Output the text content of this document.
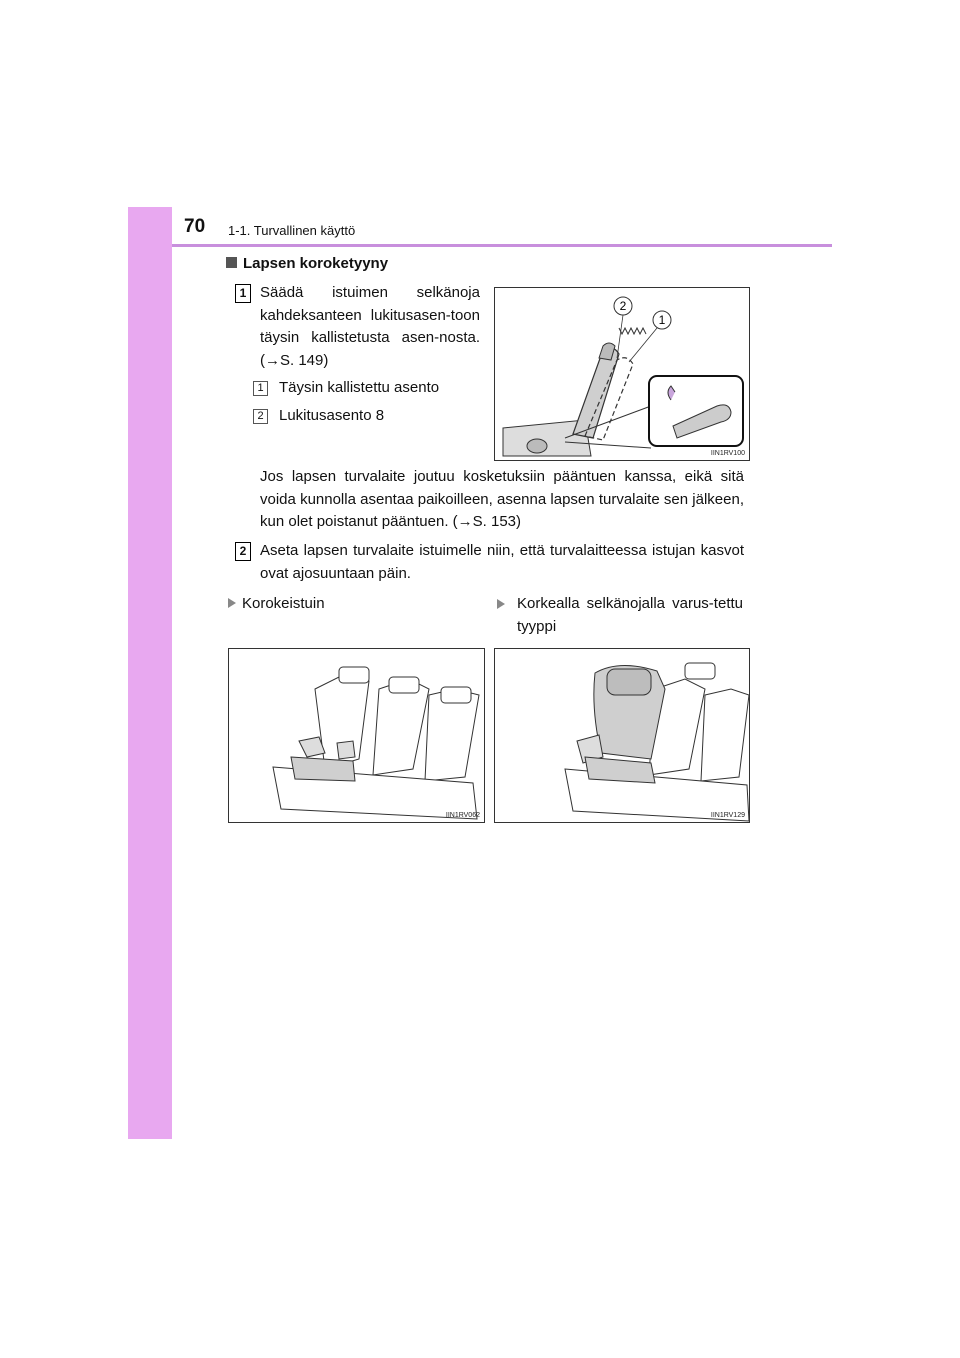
70 1-1. Turvallinen käyttö
Lapsen koroketyyny
1 Säädä istuimen selkänoja kahdeksanteen lukitusasen-toon täysin kallistetusta asen-nosta. (→S. 149)
1 Täysin kallistettu asento
2 Lukitusasento 8
2
1
IIN1RV100
Jos lapsen turvalaite joutuu kosketuksiin pääntuen kanssa, eikä sitä voida kunnolla asentaa paikoilleen, asenna lapsen turvalaite sen jälkeen, kun olet poistanut pääntuen. (→S. 153)
2 Aseta lapsen turvalaite istuimelle niin, että turvalaitteessa istujan kasvot ovat ajosuuntaan päin.
Korokeistuin	Korkealla selkänojalla varus-tettu tyyppi
IIN1RV062	IIN1RV129
